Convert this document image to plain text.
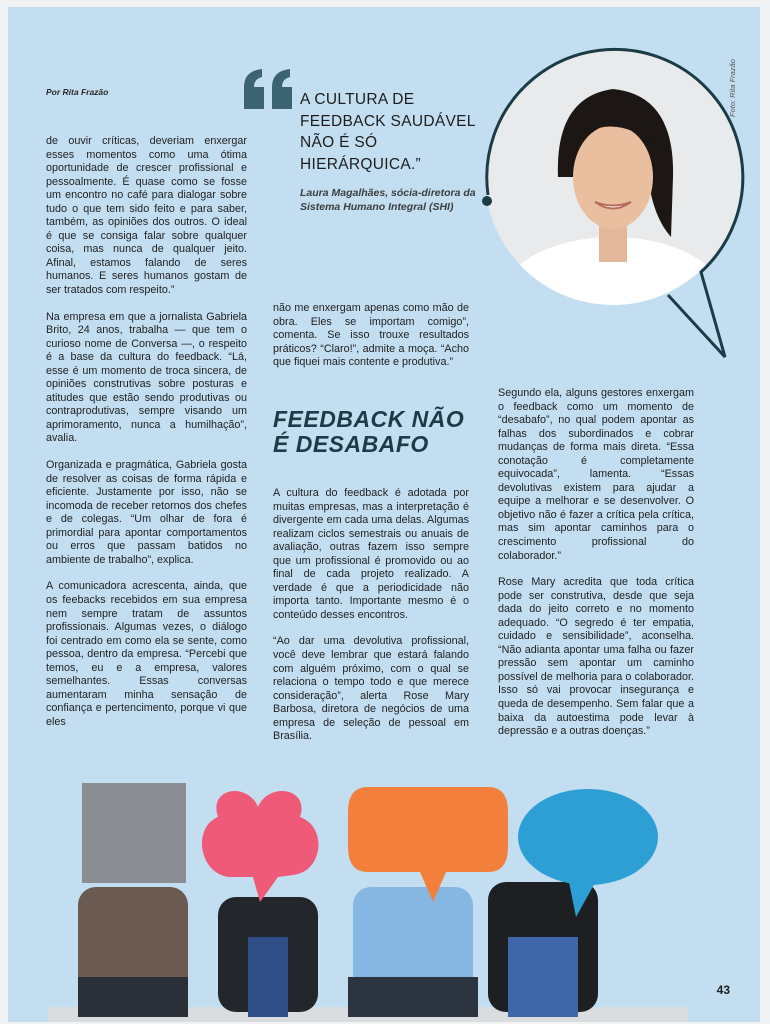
Por Rita Frazão	A CULTURA DE FEEDBACK SAUDÁVEL NÃO É SÓ HIERÁRQUICA.”
Laura Magalhães, sócia-diretora da Sistema Humano Integral (SHI)
Foto: Rita Frazão

de ouvir críticas, deveriam enxergar esses momentos como uma ótima oportunidade de crescer profissional e pessoalmente. É quase como se fosse um encontro no café para dialogar sobre tudo o que tem sido feito e para saber, também, as opiniões dos outros. O ideal é que se consiga falar sobre qualquer coisa, mas nunca de qualquer jeito. Afinal, estamos falando de seres humanos. E seres humanos gostam de ser tratados com respeito.”

Na empresa em que a jornalista Gabriela Brito, 24 anos, trabalha — que tem o curioso nome de Conversa —, o respeito é a base da cultura do feedback. “Lá, esse é um momento de troca sincera, de opiniões construtivas sobre posturas e atitudes que estão sendo produtivas ou contraprodutivas, sempre visando um aprimoramento, nunca a humilhação”, avalia.

Organizada e pragmática, Gabriela gosta de resolver as coisas de forma rápida e eficiente. Justamente por isso, não se incomoda de receber retornos dos chefes e de colegas. “Um olhar de fora é primordial para apontar comportamentos ou erros que passam batidos no ambiente de trabalho”, explica.

A comunicadora acrescenta, ainda, que os feebacks recebidos em sua empresa nem sempre tratam de assuntos profissionais. Algumas vezes, o diálogo foi centrado em como ela se sente, como pessoa, dentro da empresa. “Percebi que temos, eu e a empresa, valores semelhantes. Essas conversas aumentaram minha sensação de confiança e pertencimento, porque vi que eles

não me enxergam apenas como mão de obra. Eles se importam comigo”, comenta. Se isso trouxe resultados práticos? “Claro!”, admite a moça. “Acho que fiquei mais contente e produtiva.”

FEEDBACK NÃO É DESABAFO

A cultura do feedback é adotada por muitas empresas, mas a interpretação é divergente em cada uma delas. Algumas realizam ciclos semestrais ou anuais de avaliação, outras fazem isso sempre que um profissional é promovido ou ao final de cada projeto realizado. A verdade é que a periodicidade não importa tanto. Importante mesmo é o conteúdo desses encontros.

“Ao dar uma devolutiva profissional, você deve lembrar que estará falando com alguém próximo, com o qual se relaciona o tempo todo e que merece consideração”, alerta Rose Mary Barbosa, diretora de negócios de uma empresa de seleção de pessoal em Brasília.

Segundo ela, alguns gestores enxergam o feedback como um momento de “desabafo”, no qual podem apontar as falhas dos subordinados e cobrar mudanças de forma mais direta. “Essa conotação é completamente equivocada”, lamenta. “Essas devolutivas existem para ajudar a equipe a melhorar e se desenvolver. O objetivo não é fazer a crítica pela crítica, mas sim apontar caminhos para o crescimento profissional do colaborador.”

Rose Mary acredita que toda crítica pode ser construtiva, desde que seja dada do jeito correto e no momento adequado. “O segredo é ter empatia, cuidado e sensibilidade”, aconselha. “Não adianta apontar uma falha ou fazer pressão sem apontar um caminho possível de melhoria para o colaborador. Isso só vai provocar insegurança e queda de desempenho. Sem falar que a baixa da autoestima pode levar à depressão e a outras doenças.”

43
